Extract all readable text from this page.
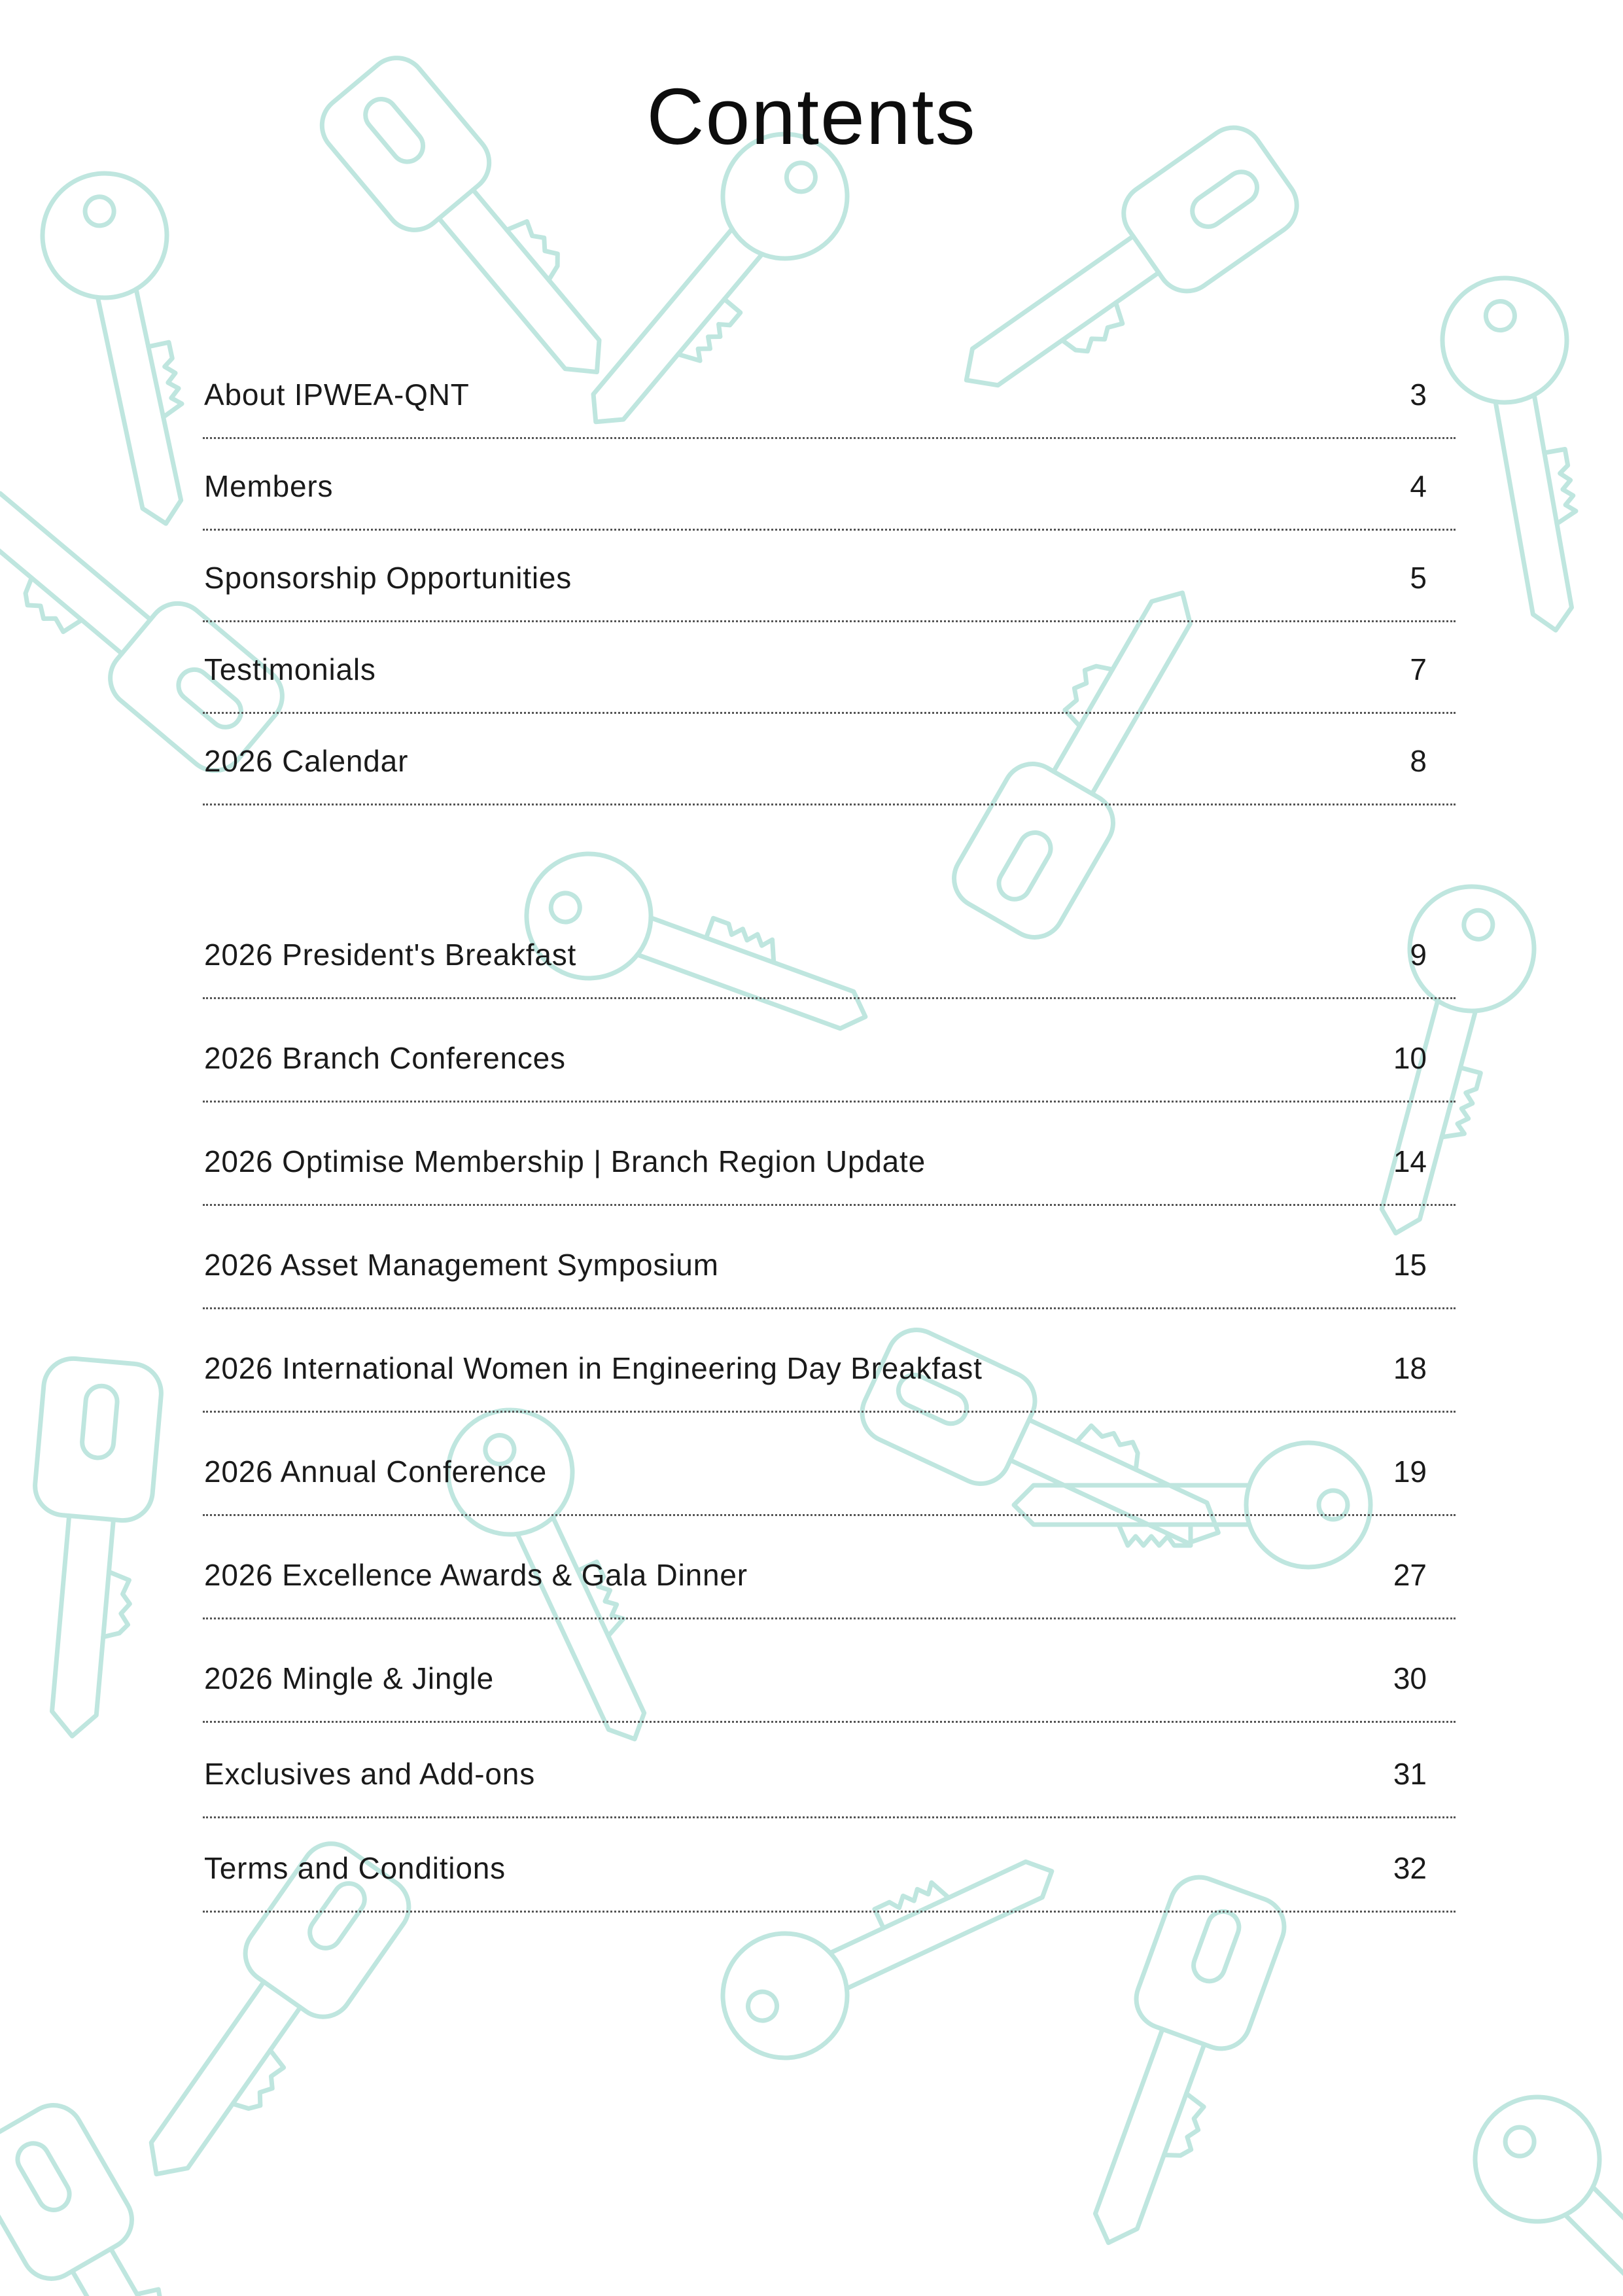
Contents
About IPWEA-QNT	3
Members	4
Sponsorship Opportunities	5
Testimonials	7
2026 Calendar	8
2026 President's Breakfast	9
2026 Branch Conferences	10
2026 Optimise Membership | Branch Region Update	14
2026 Asset Management Symposium	15
2026 International Women in Engineering Day Breakfast	18
2026 Annual Conference	19
2026 Excellence Awards & Gala Dinner	27
2026 Mingle & Jingle	30
Exclusives and Add-ons	31
Terms and Conditions	32
